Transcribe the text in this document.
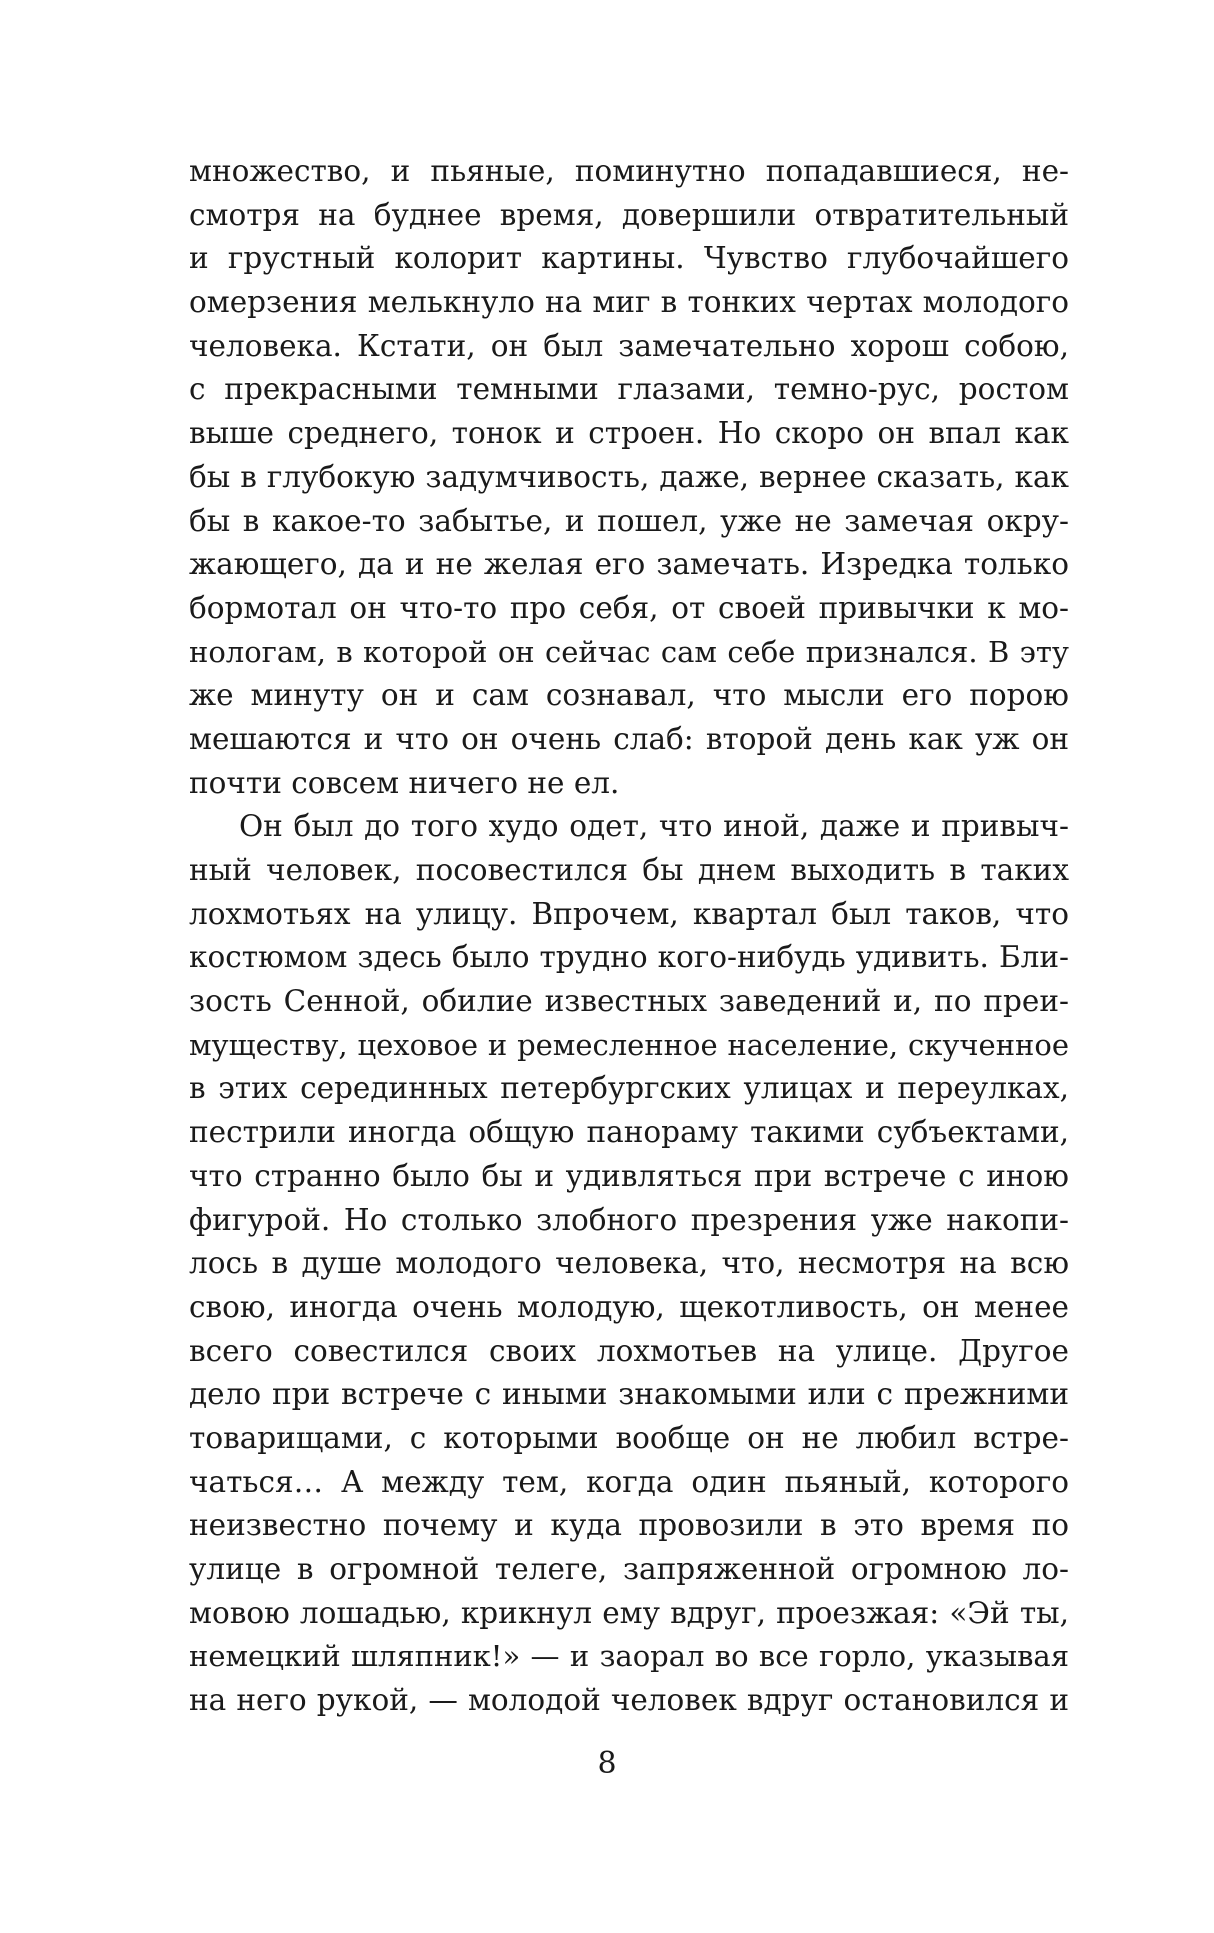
множество, и пьяные, поминутно попадавшиеся, не-
смотря на буднее время, довершили отвратительный
и грустный колорит картины. Чувство глубочайшего
омерзения мелькнуло на миг в тонких чертах молодого
человека. Кстати, он был замечательно хорош собою,
с прекрасными темными глазами, темно-рус, ростом
выше среднего, тонок и строен. Но скоро он впал как
бы в глубокую задумчивость, даже, вернее сказать, как
бы в какое-то забытье, и пошел, уже не замечая окру-
жающего, да и не желая его замечать. Изредка только
бормотал он что-то про себя, от своей привычки к мо-
нологам, в которой он сейчас сам себе признался. В эту
же минуту он и сам сознавал, что мысли его порою
мешаются и что он очень слаб: второй день как уж он
почти совсем ничего не ел.
Он был до того худо одет, что иной, даже и привыч-
ный человек, посовестился бы днем выходить в таких
лохмотьях на улицу. Впрочем, квартал был таков, что
костюмом здесь было трудно кого-нибудь удивить. Бли-
зость Сенной, обилие известных заведений и, по преи-
муществу, цеховое и ремесленное население, скученное
в этих серединных петербургских улицах и переулках,
пестрили иногда общую панораму такими субъектами,
что странно было бы и удивляться при встрече с иною
фигурой. Но столько злобного презрения уже накопи-
лось в душе молодого человека, что, несмотря на всю
свою, иногда очень молодую, щекотливость, он менее
всего совестился своих лохмотьев на улице. Другое
дело при встрече с иными знакомыми или с прежними
товарищами, с которыми вообще он не любил встре-
чаться… А между тем, когда один пьяный, которого
неизвестно почему и куда провозили в это время по
улице в огромной телеге, запряженной огромною ло-
мовою лошадью, крикнул ему вдруг, проезжая: «Эй ты,
немецкий шляпник!» — и заорал во все горло, указывая
на него рукой, — молодой человек вдруг остановился и
8
